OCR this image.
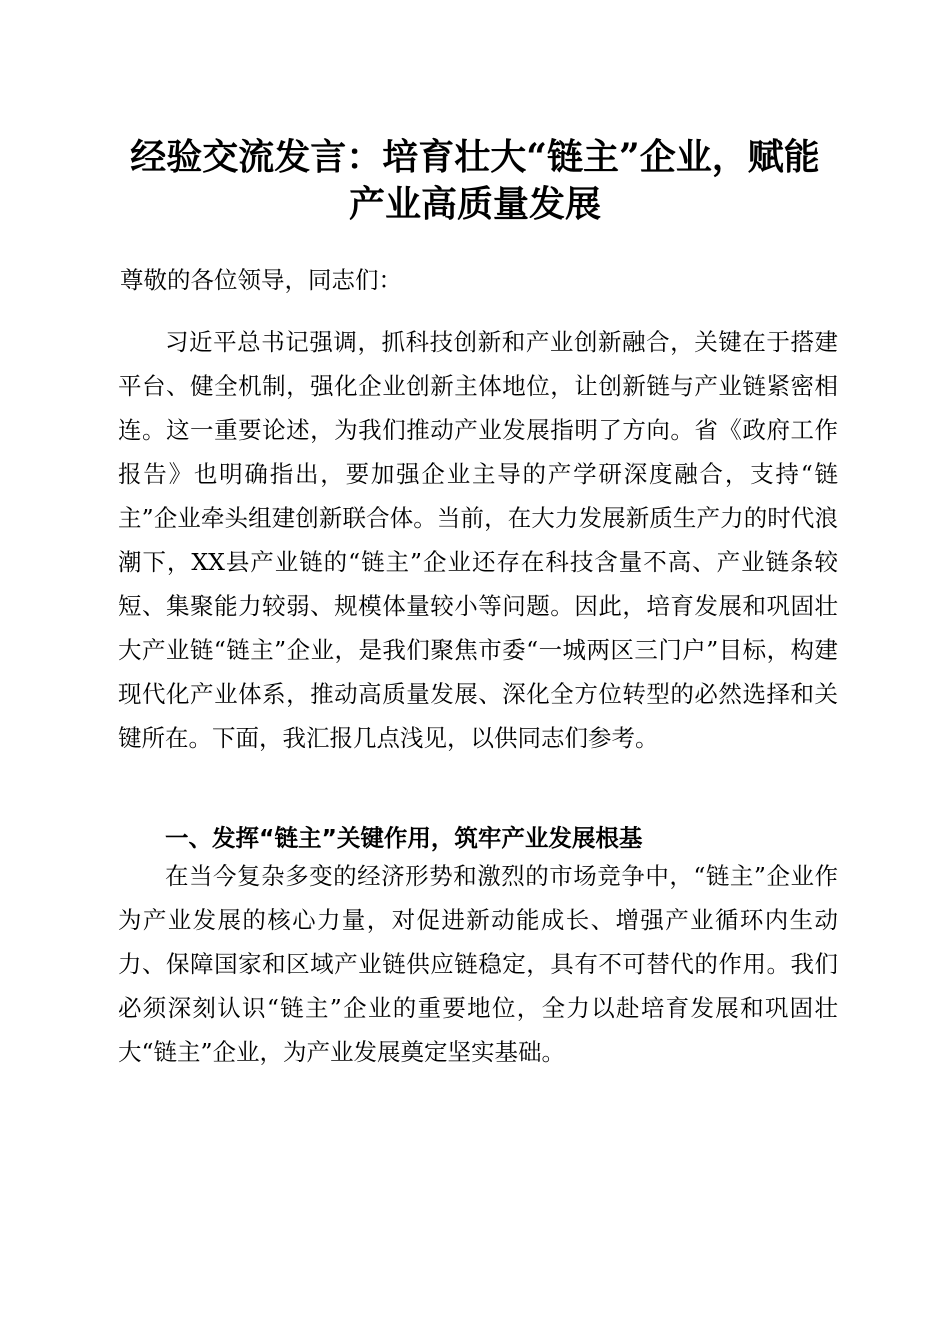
经验交流发言：培育壮大“链主”企业，赋能
产业高质量发展

尊敬的各位领导，同志们：

习近平总书记强调，抓科技创新和产业创新融合，关键在于搭建平台、健全机制，强化企业创新主体地位，让创新链与产业链紧密相连。这一重要论述，为我们推动产业发展指明了方向。省《政府工作报告》也明确指出，要加强企业主导的产学研深度融合，支持“链主”企业牵头组建创新联合体。当前，在大力发展新质生产力的时代浪潮下，XX县产业链的“链主”企业还存在科技含量不高、产业链条较短、集聚能力较弱、规模体量较小等问题。因此，培育发展和巩固壮大产业链“链主”企业，是我们聚焦市委“一城两区三门户”目标，构建现代化产业体系，推动高质量发展、深化全方位转型的必然选择和关键所在。下面，我汇报几点浅见，以供同志们参考。

一、发挥“链主”关键作用，筑牢产业发展根基

在当今复杂多变的经济形势和激烈的市场竞争中，“链主”企业作为产业发展的核心力量，对促进新动能成长、增强产业循环内生动力、保障国家和区域产业链供应链稳定，具有不可替代的作用。我们必须深刻认识“链主”企业的重要地位，全力以赴培育发展和巩固壮大“链主”企业，为产业发展奠定坚实基础。
